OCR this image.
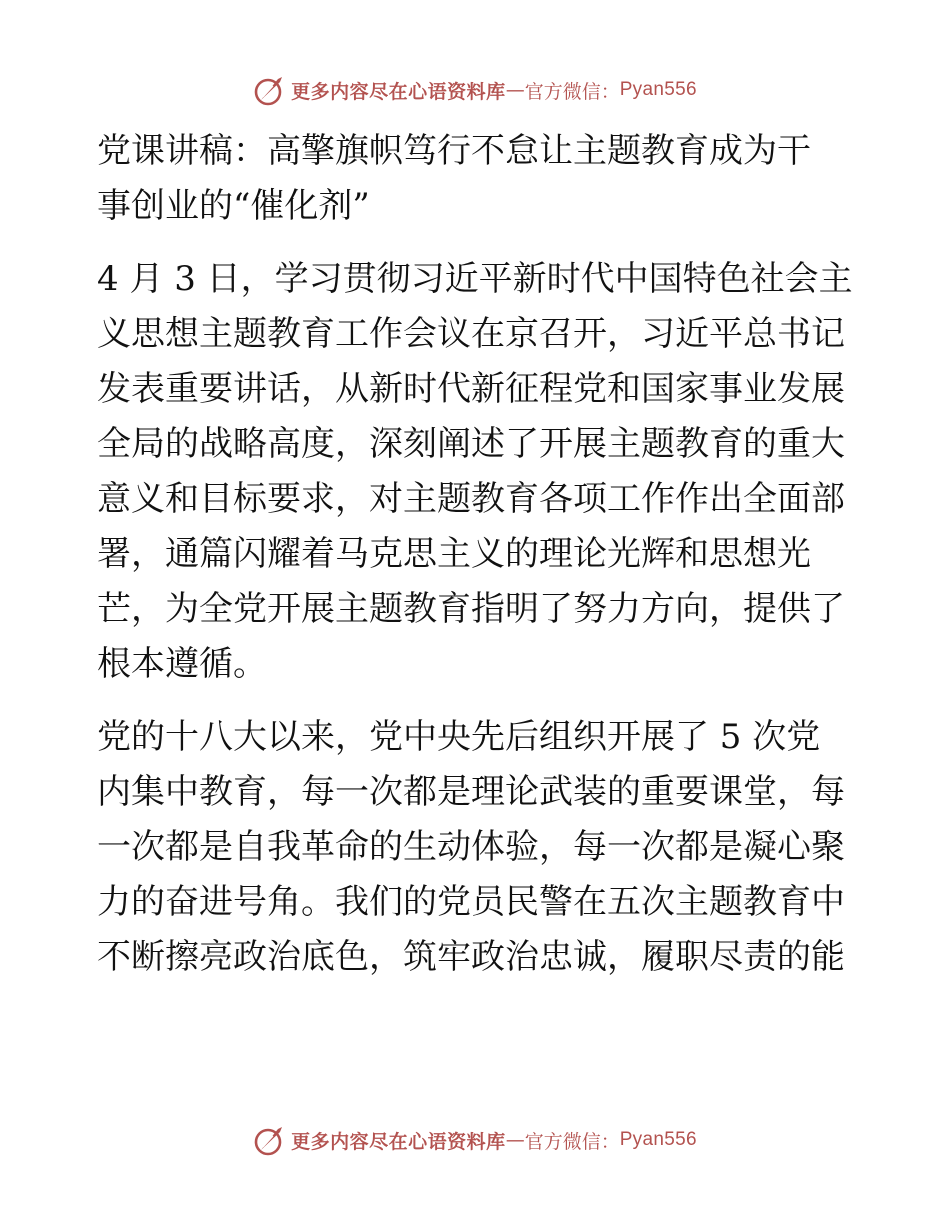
更多内容尽在心语资料库 — 官方微信： Pyan556
党课讲稿：高擎旗帜笃行不怠让主题教育成为干
事创业的“催化剂”
4 月 3 日，学习贯彻习近平新时代中国特色社会主
义思想主题教育工作会议在京召开，习近平总书记
发表重要讲话，从新时代新征程党和国家事业发展
全局的战略高度，深刻阐述了开展主题教育的重大
意义和目标要求，对主题教育各项工作作出全面部
署，通篇闪耀着马克思主义的理论光辉和思想光
芒，为全党开展主题教育指明了努力方向，提供了
根本遵循。
党的十八大以来，党中央先后组织开展了 5 次党
内集中教育，每一次都是理论武装的重要课堂，每
一次都是自我革命的生动体验，每一次都是凝心聚
力的奋进号角。我们的党员民警在五次主题教育中
不断擦亮政治底色，筑牢政治忠诚，履职尽责的能
更多内容尽在心语资料库 — 官方微信： Pyan556
